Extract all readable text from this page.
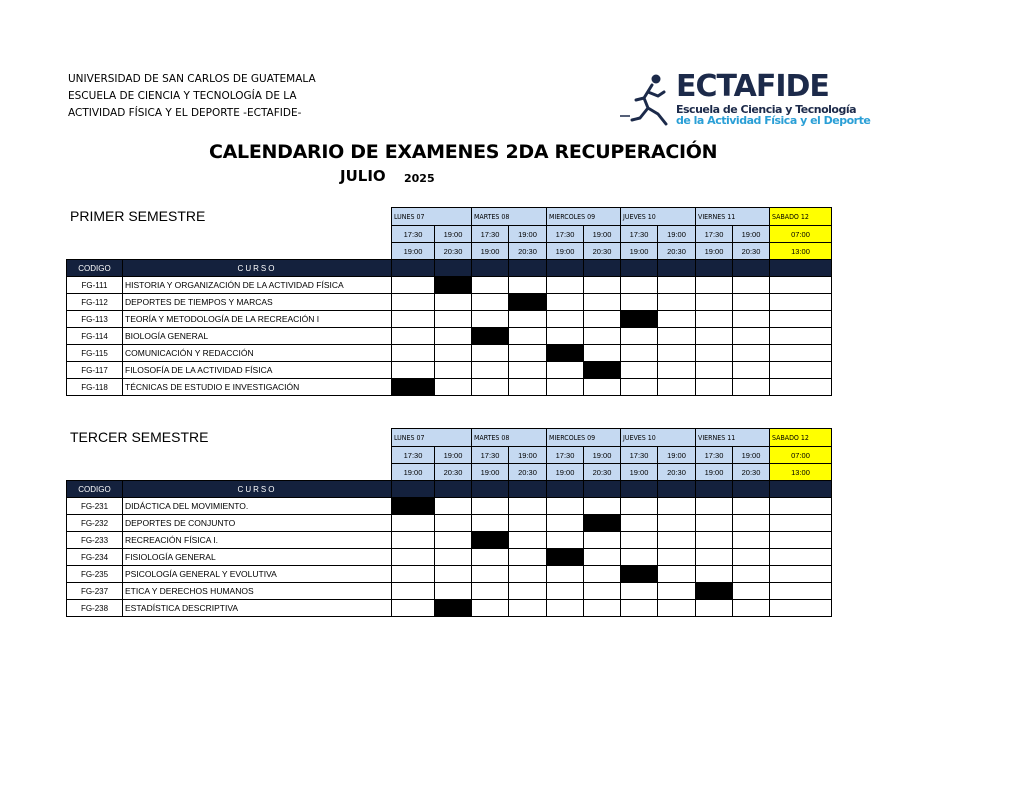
UNIVERSIDAD DE SAN CARLOS DE GUATEMALA
ESCUELA DE CIENCIA Y TECNOLOGÍA DE LA
ACTIVIDAD FÍSICA Y EL DEPORTE -ECTAFIDE-
ECTAFIDE
Escuela de Ciencia y Tecnología
de la Actividad Física y el Deporte
CALENDARIO DE EXAMENES 2DA RECUPERACIÓN
JULIO 2025
PRIMER SEMESTRE
		LUNES 07		MARTES 08		MIERCOLES 09		JUEVES 10		VIERNES 11		SABADO 12
		17:30	19:00	17:30	19:00	17:30	19:00	17:30	19:00	17:30	19:00	07:00
		19:00	20:30	19:00	20:30	19:00	20:30	19:00	20:30	19:00	20:30	13:00
CODIGO	CURSO											
FG-111	HISTORIA Y ORGANIZACIÓN DE LA ACTIVIDAD FÍSICA											
FG-112	DEPORTES DE TIEMPOS Y MARCAS											
FG-113	TEORÍA Y METODOLOGÍA DE LA RECREACIÓN I											
FG-114	BIOLOGÍA GENERAL											
FG-115	COMUNICACIÓN Y REDACCIÓN											
FG-117	FILOSOFÍA DE LA ACTIVIDAD FÍSICA											
FG-118	TÉCNICAS DE ESTUDIO E INVESTIGACIÓN											
TERCER SEMESTRE
		LUNES 07		MARTES 08		MIERCOLES 09		JUEVES 10		VIERNES 11		SABADO 12
		17:30	19:00	17:30	19:00	17:30	19:00	17:30	19:00	17:30	19:00	07:00
		19:00	20:30	19:00	20:30	19:00	20:30	19:00	20:30	19:00	20:30	13:00
CODIGO	CURSO											
FG-231	DIDÁCTICA DEL MOVIMIENTO.											
FG-232	DEPORTES DE CONJUNTO											
FG-233	RECREACIÓN FÍSICA I.											
FG-234	FISIOLOGÍA GENERAL											
FG-235	PSICOLOGÍA GENERAL Y EVOLUTIVA											
FG-237	ETICA Y DERECHOS HUMANOS											
FG-238	ESTADÍSTICA DESCRIPTIVA											
